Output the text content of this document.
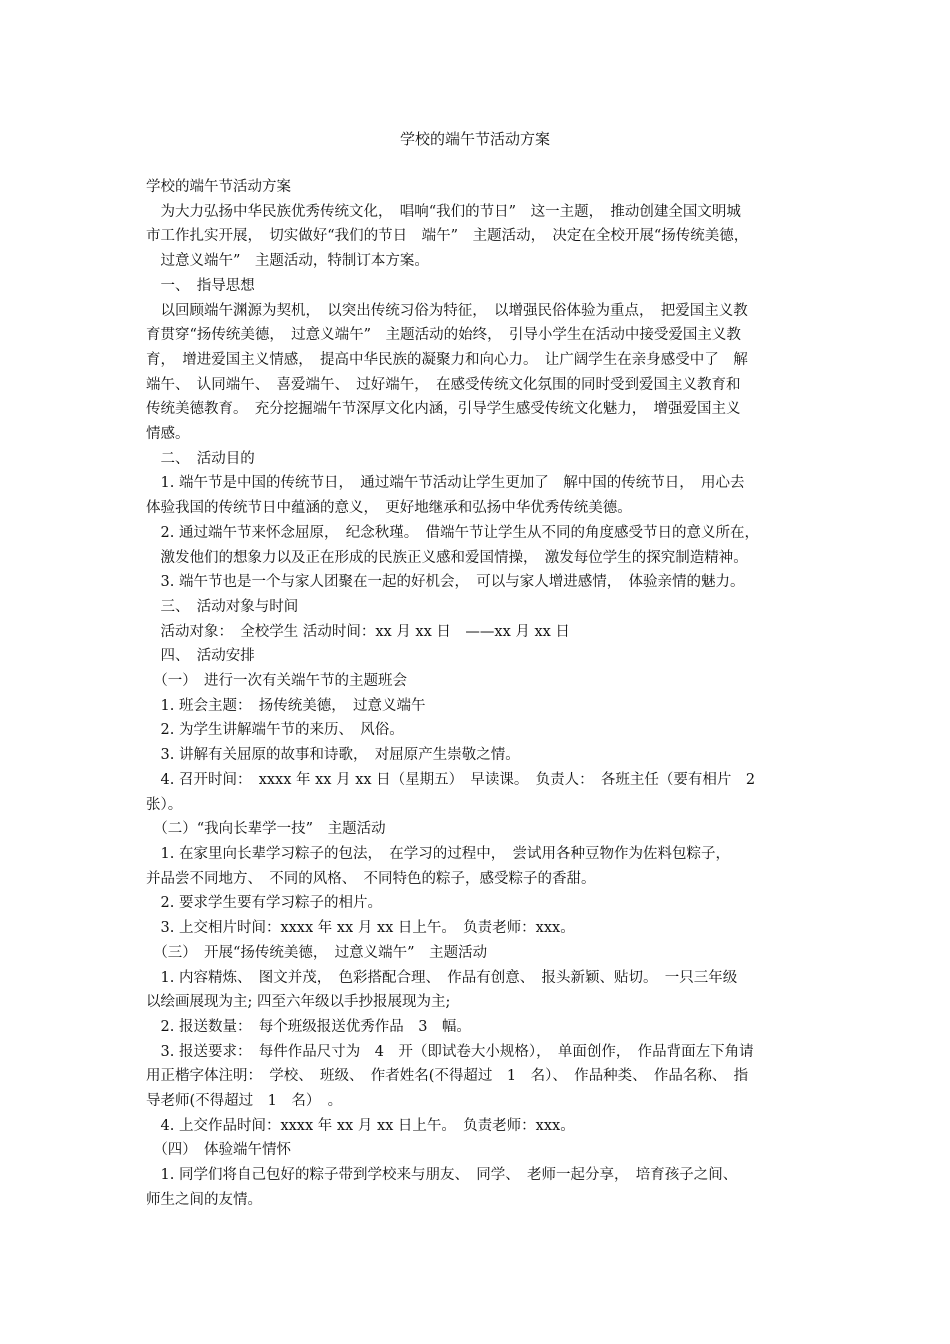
学校的端午节活动方案

学校的端午节活动方案

　为大力弘扬中华民族优秀传统文化，　唱响“我们的节日”　这一主题，　推动创建全国文明城

市工作扎实开展，　切实做好“我们的节日　端午”　主题活动，　决定在全校开展“扬传统美德，

　过意义端午”　主题活动，特制订本方案。

　一、　指导思想

　以回顾端午渊源为契机，　以突出传统习俗为特征，　以增强民俗体验为重点，　把爱国主义教

育贯穿“扬传统美德，　过意义端午”　主题活动的始终，　引导小学生在活动中接受爱国主义教

育，　增进爱国主义情感，　提高中华民族的凝聚力和向心力。　让广阔学生在亲身感受中了　解

端午、　认同端午、　喜爱端午、　过好端午，　在感受传统文化氛围的同时受到爱国主义教育和

传统美德教育。　充分挖掘端午节深厚文化内涵，引导学生感受传统文化魅力，　增强爱国主义

情感。

　二、　活动目的

　1. 端午节是中国的传统节日，　通过端午节活动让学生更加了　解中国的传统节日，　用心去

体验我国的传统节日中蕴涵的意义，　更好地继承和弘扬中华优秀传统美德。

　2. 通过端午节来怀念屈原，　纪念秋瑾。　借端午节让学生从不同的角度感受节日的意义所在，

　激发他们的想象力以及正在形成的民族正义感和爱国情操，　激发每位学生的探究制造精神。

　3. 端午节也是一个与家人团聚在一起的好机会，　可以与家人增进感情，　体验亲情的魅力。

　三、　活动对象与时间

　活动对象：　全校学生 活动时间：xx 月 xx 日　——xx 月 xx 日

　四、　活动安排

　（一）　进行一次有关端午节的主题班会

　1. 班会主题：　扬传统美德，　过意义端午

　2. 为学生讲解端午节的来历、　风俗。

　3. 讲解有关屈原的故事和诗歌，　对屈原产生崇敬之情。

　4. 召开时间：　xxxx 年 xx 月 xx 日（星期五）　早读课。　负责人：　各班主任（要有相片　2

张）。

　（二）“我向长辈学一技”　主题活动

　1. 在家里向长辈学习粽子的包法，　在学习的过程中，　尝试用各种豆物作为佐料包粽子，

并品尝不同地方、　不同的风格、　不同特色的粽子，感受粽子的香甜。

　2. 要求学生要有学习粽子的相片。

　3. 上交相片时间：xxxx 年 xx 月 xx 日上午。　负责老师：xxx。

　（三）　开展“扬传统美德，　过意义端午”　主题活动

　1. 内容精炼、　图文并茂，　色彩搭配合理、　作品有创意、　报头新颖、贴切。　一只三年级

以绘画展现为主; 四至六年级以手抄报展现为主;

　2. 报送数量：　每个班级报送优秀作品　3　幅。

　3. 报送要求：　每件作品尺寸为　4　开（即试卷大小规格），　单面创作，　作品背面左下角请

用正楷字体注明：　学校、　班级、　作者姓名(不得超过　1　名）、　作品种类、　作品名称、　指

导老师(不得超过　1　名）　。

　4. 上交作品时间：xxxx 年 xx 月 xx 日上午。　负责老师：xxx。

　（四）　体验端午情怀

　1. 同学们将自己包好的粽子带到学校来与朋友、　同学、　老师一起分享，　培育孩子之间、

师生之间的友情。
